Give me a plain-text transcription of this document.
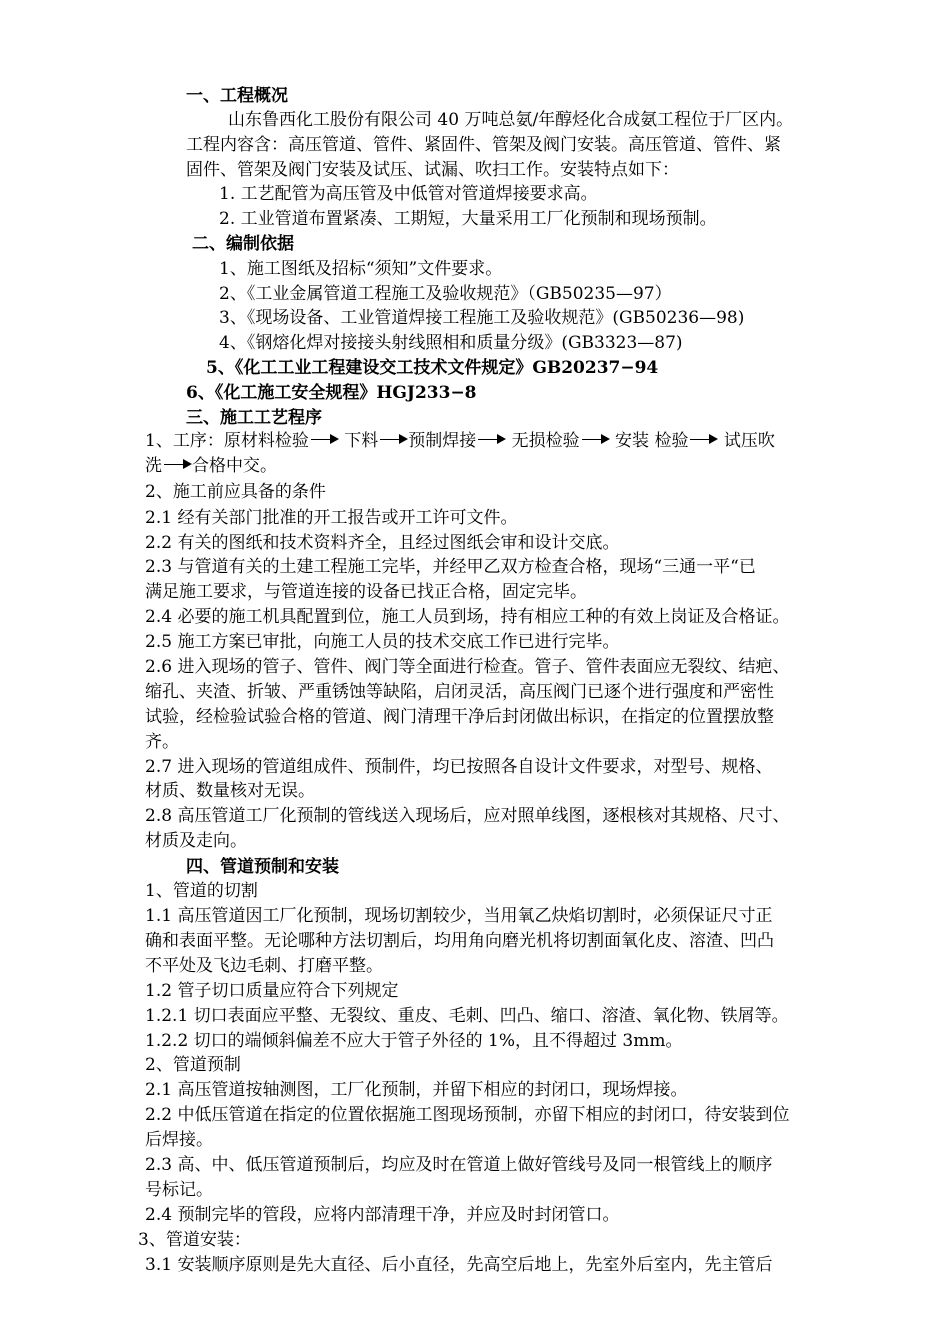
一、工程概况
山东鲁西化工股份有限公司 40 万吨总氨/年醇烃化合成氨工程位于厂区内。
工程内容含：高压管道、管件、紧固件、管架及阀门安装。高压管道、管件、紧
固件、管架及阀门安装及试压、试漏、吹扫工作。安装特点如下：
1. 工艺配管为高压管及中低管对管道焊接要求高。
2. 工业管道布置紧凑、工期短，大量采用工厂化预制和现场预制。
二、编制依据
1、施工图纸及招标“须知”文件要求。
2、《工业金属管道工程施工及验收规范》（GB50235—97）
3、《现场设备、工业管道焊接工程施工及验收规范》(GB50236—98)
4、《钢熔化焊对接接头射线照相和质量分级》(GB3323—87)
5、《化工工业工程建设交工技术文件规定》GB20237−94
6、《化工施工安全规程》HGJ233−8
三、施工工艺程序
1、工序：原材料检验 下料 预制焊接 无损检验 安装 检验 试压吹
洗 合格中交。
2、施工前应具备的条件
2.1 经有关部门批准的开工报告或开工许可文件。
2.2 有关的图纸和技术资料齐全，且经过图纸会审和设计交底。
2.3 与管道有关的土建工程施工完毕，并经甲乙双方检查合格，现场“三通一平“已
满足施工要求，与管道连接的设备已找正合格，固定完毕。
2.4 必要的施工机具配置到位，施工人员到场，持有相应工种的有效上岗证及合格证。
2.5 施工方案已审批，向施工人员的技术交底工作已进行完毕。
2.6 进入现场的管子、管件、阀门等全面进行检查。管子、管件表面应无裂纹、结疤、
缩孔、夹渣、折皱、严重锈蚀等缺陷，启闭灵活，高压阀门已逐个进行强度和严密性
试验，经检验试验合格的管道、阀门清理干净后封闭做出标识，在指定的位置摆放整
齐。
2.7 进入现场的管道组成件、预制件，均已按照各自设计文件要求，对型号、规格、
材质、数量核对无误。
2.8 高压管道工厂化预制的管线送入现场后，应对照单线图，逐根核对其规格、尺寸、
材质及走向。
四、管道预制和安装
1、管道的切割
1.1 高压管道因工厂化预制，现场切割较少，当用氧乙炔焰切割时，必须保证尺寸正
确和表面平整。无论哪种方法切割后，均用角向磨光机将切割面氧化皮、溶渣、凹凸
不平处及飞边毛刺、打磨平整。
1.2 管子切口质量应符合下列规定
1.2.1 切口表面应平整、无裂纹、重皮、毛刺、凹凸、缩口、溶渣、氧化物、铁屑等。
1.2.2 切口的端倾斜偏差不应大于管子外径的 1%，且不得超过 3mm。
2、管道预制
2.1 高压管道按轴测图，工厂化预制，并留下相应的封闭口，现场焊接。
2.2 中低压管道在指定的位置依据施工图现场预制，亦留下相应的封闭口，待安装到位
后焊接。
2.3 高、中、低压管道预制后，均应及时在管道上做好管线号及同一根管线上的顺序
号标记。
2.4 预制完毕的管段，应将内部清理干净，并应及时封闭管口。
3、管道安装：
3.1 安装顺序原则是先大直径、后小直径，先高空后地上，先室外后室内，先主管后
